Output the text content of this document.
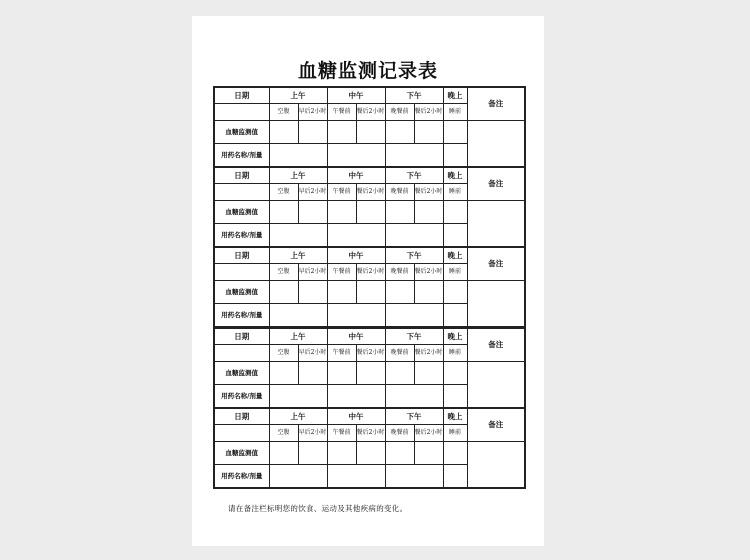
血糖监测记录表
日期	上午		中午		下午		晚上	备注
	空腹	早后2小时	午餐前	餐后2小时	晚餐前	餐后2小时	睡前	
血糖监测值								
用药名称/剂量								
日期	上午		中午		下午		晚上	备注
	空腹	早后2小时	午餐前	餐后2小时	晚餐前	餐后2小时	睡前	
血糖监测值								
用药名称/剂量								
日期	上午		中午		下午		晚上	备注
	空腹	早后2小时	午餐前	餐后2小时	晚餐前	餐后2小时	睡前	
血糖监测值								
用药名称/剂量								
日期	上午		中午		下午		晚上	备注
	空腹	早后2小时	午餐前	餐后2小时	晚餐前	餐后2小时	睡前	
血糖监测值								
用药名称/剂量								
日期	上午		中午		下午		晚上	备注
	空腹	早后2小时	午餐前	餐后2小时	晚餐前	餐后2小时	睡前	
血糖监测值								
用药名称/剂量								
请在备注栏标明您的饮食、运动及其他疾病的变化。
